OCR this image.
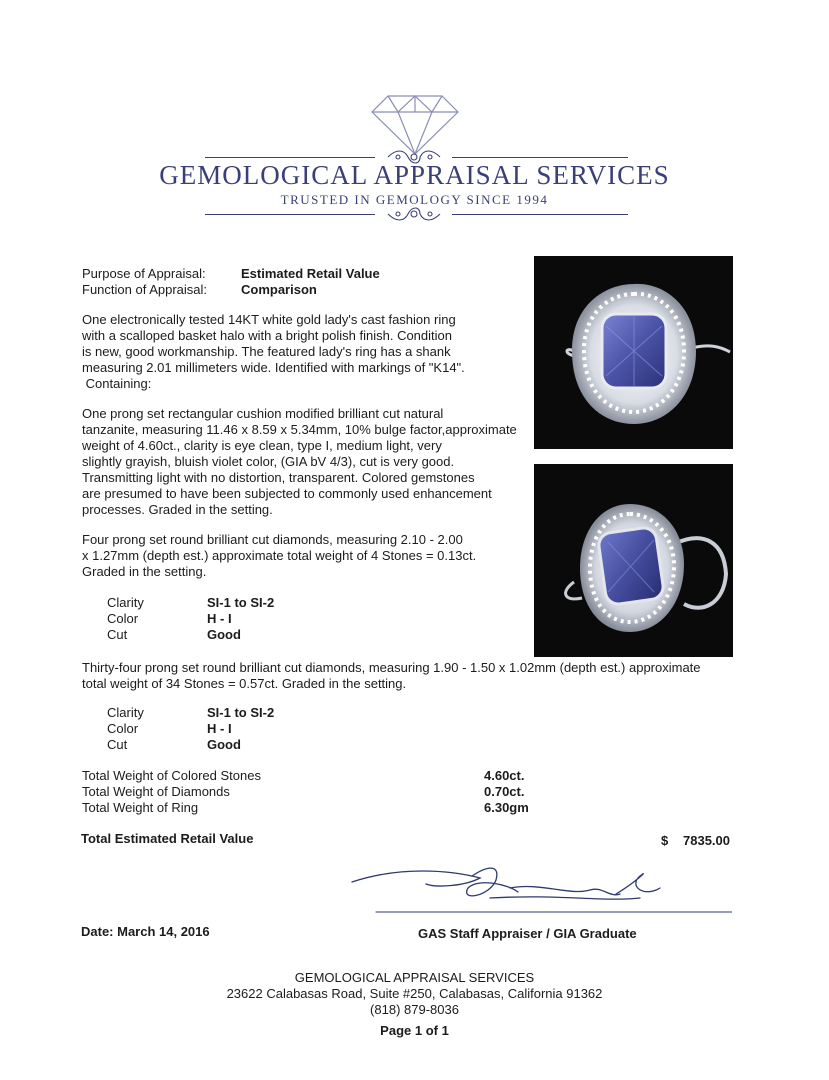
GEMOLOGICAL APPRAISAL SERVICES
TRUSTED IN GEMOLOGY SINCE 1994
Purpose of Appraisal:	Estimated Retail Value
Function of Appraisal:	Comparison
One electronically tested 14KT white gold lady's cast fashion ring
with a scalloped basket halo with a bright polish finish. Condition
is new, good workmanship. The featured lady's ring has a shank
measuring 2.01 millimeters wide. Identified with markings of "K14".
Containing:
One prong set rectangular cushion modified brilliant cut natural
tanzanite, measuring 11.46 x 8.59 x 5.34mm, 10% bulge factor,approximate
weight of 4.60ct., clarity is eye clean, type I, medium light, very
slightly grayish, bluish violet color, (GIA bV 4/3), cut is very good.
Transmitting light with no distortion, transparent. Colored gemstones
are presumed to have been subjected to commonly used enhancement
processes. Graded in the setting.
Four prong set round brilliant cut diamonds, measuring 2.10 - 2.00
x 1.27mm (depth est.) approximate total weight of 4 Stones = 0.13ct.
Graded in the setting.
Clarity	SI-1 to SI-2
Color	H - I
Cut	Good
Thirty-four prong set round brilliant cut diamonds, measuring 1.90 - 1.50 x 1.02mm (depth est.) approximate
total weight of 34 Stones = 0.57ct. Graded in the setting.
Clarity	SI-1 to SI-2
Color	H - I
Cut	Good
Total Weight of Colored Stones	4.60ct.
Total Weight of Diamonds	0.70ct.
Total Weight of Ring	6.30gm
Total Estimated Retail Value	$ 7835.00
Date: March 14, 2016	GAS Staff Appraiser / GIA Graduate
GEMOLOGICAL APPRAISAL SERVICES
23622 Calabasas Road, Suite #250, Calabasas, California 91362
(818) 879-8036
Page 1 of 1
